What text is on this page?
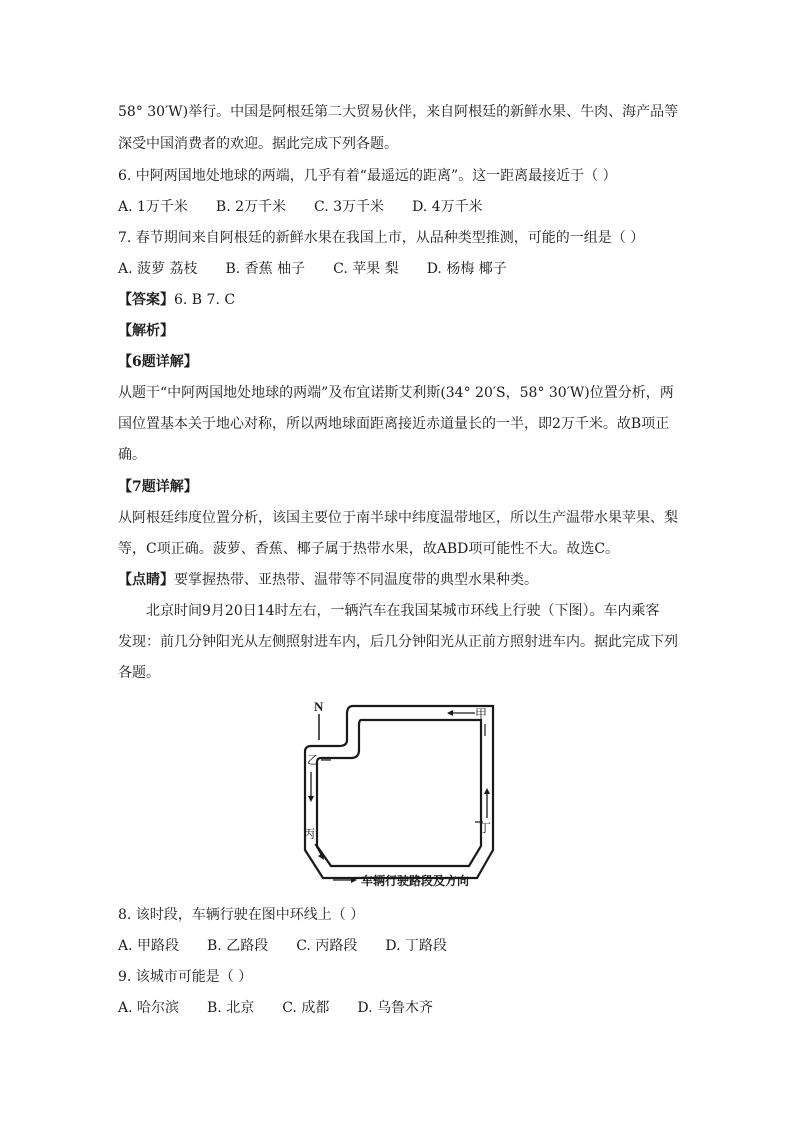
58° 30′W)举行。中国是阿根廷第二大贸易伙伴，来自阿根廷的新鲜水果、牛肉、海产品等
深受中国消费者的欢迎。据此完成下列各题。
6. 中阿两国地处地球的两端，几乎有着“最遥远的距离”。这一距离最接近于（ ）
A. 1万千米 B. 2万千米 C. 3万千米 D. 4万千米
7. 春节期间来自阿根廷的新鲜水果在我国上市，从品种类型推测，可能的一组是（ ）
A. 菠萝 荔枝 B. 香蕉 柚子 C. 苹果 梨 D. 杨梅 椰子
【答案】6. B 7. C
【解析】
【6题详解】
从题干“中阿两国地处地球的两端”及布宜诺斯艾利斯(34° 20′S，58° 30′W)位置分析，两
国位置基本关于地心对称，所以两地球面距离接近赤道量长的一半，即2万千米。故B项正
确。
【7题详解】
从阿根廷纬度位置分析，该国主要位于南半球中纬度温带地区，所以生产温带水果苹果、梨
等，C项正确。菠萝、香蕉、椰子属于热带水果，故ABD项可能性不大。故选C。
【点睛】要掌握热带、亚热带、温带等不同温度带的典型水果种类。
北京时间9月20日14时左右，一辆汽车在我国某城市环线上行驶（下图）。车内乘客
发现：前几分钟阳光从左侧照射进车内，后几分钟阳光从正前方照射进车内。据此完成下列
各题。
N	甲
乙
丙	丁
车辆行驶路段及方向
8. 该时段，车辆行驶在图中环线上（ ）
A. 甲路段 B. 乙路段 C. 丙路段 D. 丁路段
9. 该城市可能是（ ）
A. 哈尔滨 B. 北京 C. 成都 D. 乌鲁木齐
